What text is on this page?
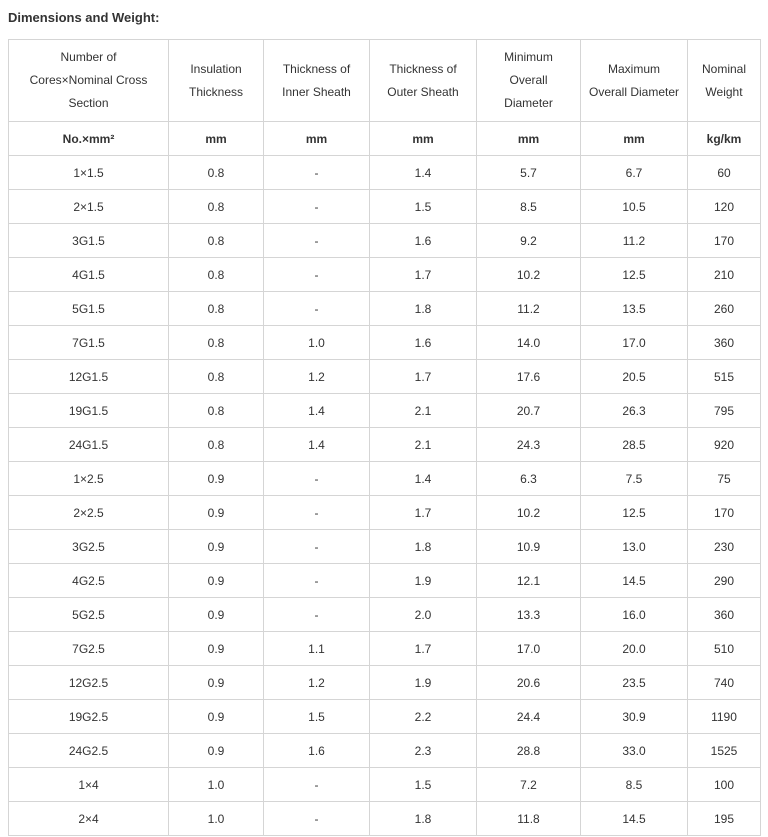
Dimensions and Weight:
Number of
Cores×Nominal Cross
Section	Insulation
Thickness	Thickness of
Inner Sheath	Thickness of
Outer Sheath	Minimum
Overall
Diameter	Maximum
Overall Diameter	Nominal
Weight

No.×mm²	mm	mm	mm	mm	mm	kg/km
1×1.5	0.8	-	1.4	5.7	6.7	60
2×1.5	0.8	-	1.5	8.5	10.5	120
3G1.5	0.8	-	1.6	9.2	11.2	170
4G1.5	0.8	-	1.7	10.2	12.5	210
5G1.5	0.8	-	1.8	11.2	13.5	260
7G1.5	0.8	1.0	1.6	14.0	17.0	360
12G1.5	0.8	1.2	1.7	17.6	20.5	515
19G1.5	0.8	1.4	2.1	20.7	26.3	795
24G1.5	0.8	1.4	2.1	24.3	28.5	920
1×2.5	0.9	-	1.4	6.3	7.5	75
2×2.5	0.9	-	1.7	10.2	12.5	170
3G2.5	0.9	-	1.8	10.9	13.0	230
4G2.5	0.9	-	1.9	12.1	14.5	290
5G2.5	0.9	-	2.0	13.3	16.0	360
7G2.5	0.9	1.1	1.7	17.0	20.0	510
12G2.5	0.9	1.2	1.9	20.6	23.5	740
19G2.5	0.9	1.5	2.2	24.4	30.9	1190
24G2.5	0.9	1.6	2.3	28.8	33.0	1525
1×4	1.0	-	1.5	7.2	8.5	100
2×4	1.0	-	1.8	11.8	14.5	195
